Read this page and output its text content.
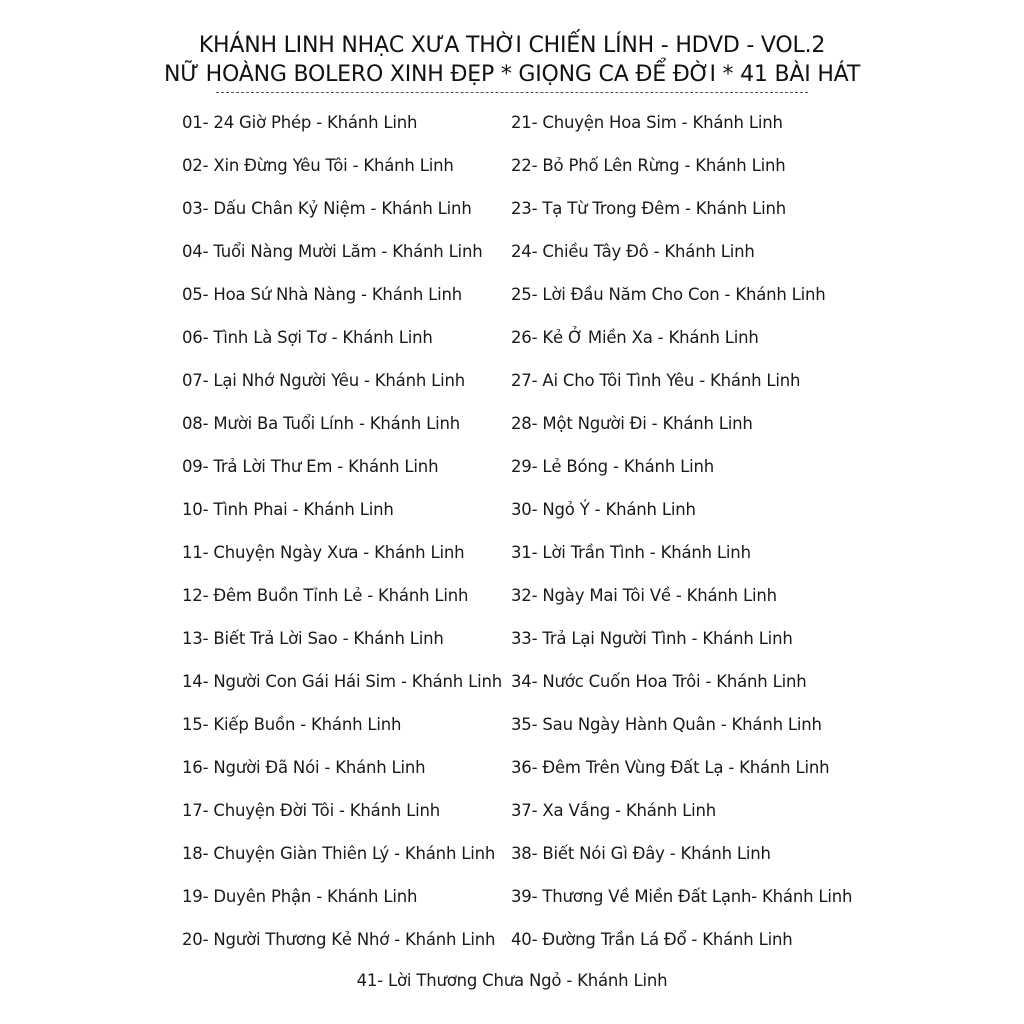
KHÁNH LINH NHẠC XƯA THỜI CHIẾN LÍNH - HDVD - VOL.2
NỮ HOÀNG BOLERO XINH ĐẸP * GIỌNG CA ĐỂ ĐỜI * 41 BÀI HÁT
01- 24 Giờ Phép - Khánh Linh
02- Xin Đừng Yêu Tôi - Khánh Linh
03- Dấu Chân Kỷ Niệm - Khánh Linh
04- Tuổi Nàng Mười Lăm - Khánh Linh
05- Hoa Sứ Nhà Nàng - Khánh Linh
06- Tình Là Sợi Tơ - Khánh Linh
07- Lại Nhớ Người Yêu - Khánh Linh
08- Mười Ba Tuổi Lính - Khánh Linh
09- Trả Lời Thư Em - Khánh Linh
10- Tình Phai - Khánh Linh
11- Chuyện Ngày Xưa - Khánh Linh
12- Đêm Buồn Tỉnh Lẻ - Khánh Linh
13- Biết Trả Lời Sao - Khánh Linh
14- Người Con Gái Hái Sim - Khánh Linh
15- Kiếp Buồn - Khánh Linh
16- Người Đã Nói - Khánh Linh
17- Chuyện Đời Tôi - Khánh Linh
18- Chuyện Giàn Thiên Lý - Khánh Linh
19- Duyên Phận - Khánh Linh
20- Người Thương Kẻ Nhớ - Khánh Linh
21- Chuyện Hoa Sim - Khánh Linh
22- Bỏ Phố Lên Rừng - Khánh Linh
23- Tạ Từ Trong Đêm - Khánh Linh
24- Chiều Tây Đô - Khánh Linh
25- Lời Đầu Năm Cho Con - Khánh Linh
26- Kẻ Ở Miền Xa - Khánh Linh
27- Ai Cho Tôi Tình Yêu - Khánh Linh
28- Một Người Đi - Khánh Linh
29- Lẻ Bóng - Khánh Linh
30- Ngỏ Ý - Khánh Linh
31- Lời Trần Tình - Khánh Linh
32- Ngày Mai Tôi Về - Khánh Linh
33- Trả Lại Người Tình - Khánh Linh
34- Nước Cuốn Hoa Trôi - Khánh Linh
35- Sau Ngày Hành Quân - Khánh Linh
36- Đêm Trên Vùng Đất Lạ - Khánh Linh
37- Xa Vắng - Khánh Linh
38- Biết Nói Gì Đây - Khánh Linh
39- Thương Về Miền Đất Lạnh- Khánh Linh
40- Đường Trần Lá Đổ - Khánh Linh
41- Lời Thương Chưa Ngỏ - Khánh Linh
